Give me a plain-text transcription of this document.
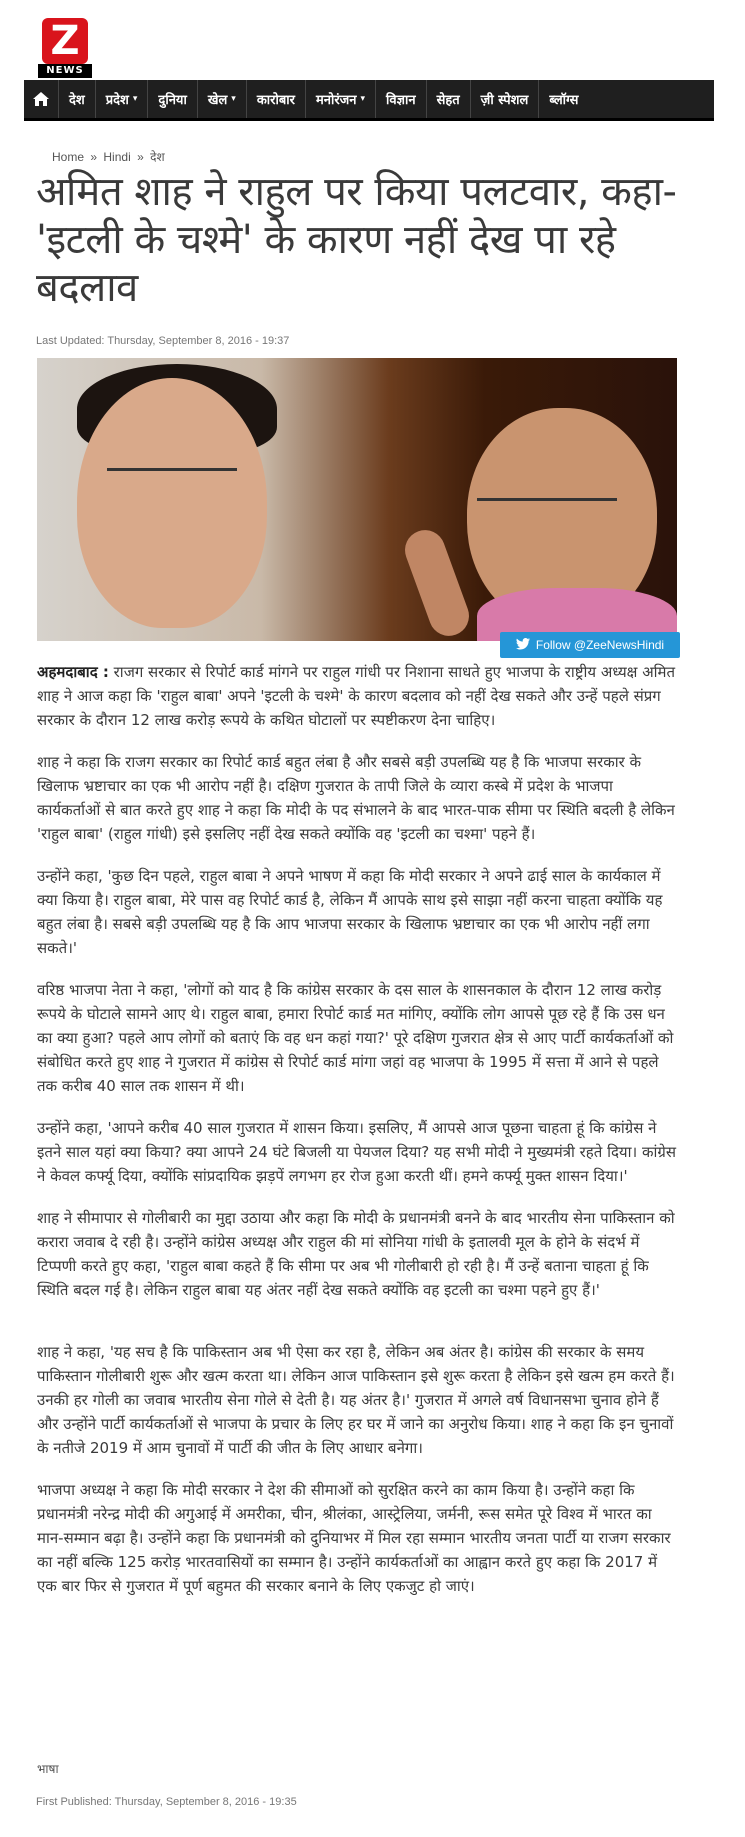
Z
NEWS
देश प्रदेश ▾ दुनिया खेल ▾ कारोबार मनोरंजन ▾ विज्ञान सेहत ज़ी स्पेशल ब्लॉग्स
Home » Hindi » देश
अमित शाह ने राहुल पर किया पलटवार, कहा- 'इटली के चश्मे' के कारण नहीं देख पा रहे बदलाव
Last Updated: Thursday, September 8, 2016 - 19:37
Follow @ZeeNewsHindi

अहमदाबाद : राजग सरकार से रिपोर्ट कार्ड मांगने पर राहुल गांधी पर निशाना साधते हुए भाजपा के राष्ट्रीय अध्यक्ष अमित शाह ने आज कहा कि 'राहुल बाबा' अपने 'इटली के चश्मे' के कारण बदलाव को नहीं देख सकते और उन्हें पहले संप्रग सरकार के दौरान 12 लाख करोड़ रूपये के कथित घोटालों पर स्पष्टीकरण देना चाहिए।

शाह ने कहा कि राजग सरकार का रिपोर्ट कार्ड बहुत लंबा है और सबसे बड़ी उपलब्धि यह है कि भाजपा सरकार के खिलाफ भ्रष्टाचार का एक भी आरोप नहीं है। दक्षिण गुजरात के तापी जिले के व्यारा कस्बे में प्रदेश के भाजपा कार्यकर्ताओं से बात करते हुए शाह ने कहा कि मोदी के पद संभालने के बाद भारत-पाक सीमा पर स्थिति बदली है लेकिन 'राहुल बाबा' (राहुल गांधी) इसे इसलिए नहीं देख सकते क्योंकि वह 'इटली का चश्मा' पहने हैं।

उन्होंने कहा, 'कुछ दिन पहले, राहुल बाबा ने अपने भाषण में कहा कि मोदी सरकार ने अपने ढाई साल के कार्यकाल में क्या किया है। राहुल बाबा, मेरे पास वह रिपोर्ट कार्ड है, लेकिन मैं आपके साथ इसे साझा नहीं करना चाहता क्योंकि यह बहुत लंबा है। सबसे बड़ी उपलब्धि यह है कि आप भाजपा सरकार के खिलाफ भ्रष्टाचार का एक भी आरोप नहीं लगा सकते।'

वरिष्ठ भाजपा नेता ने कहा, 'लोगों को याद है कि कांग्रेस सरकार के दस साल के शासनकाल के दौरान 12 लाख करोड़ रूपये के घोटाले सामने आए थे। राहुल बाबा, हमारा रिपोर्ट कार्ड मत मांगिए, क्योंकि लोग आपसे पूछ रहे हैं कि उस धन का क्या हुआ? पहले आप लोगों को बताएं कि वह धन कहां गया?' पूरे दक्षिण गुजरात क्षेत्र से आए पार्टी कार्यकर्ताओं को संबोधित करते हुए शाह ने गुजरात में कांग्रेस से रिपोर्ट कार्ड मांगा जहां वह भाजपा के 1995 में सत्ता में आने से पहले तक करीब 40 साल तक शासन में थी।

उन्होंने कहा, 'आपने करीब 40 साल गुजरात में शासन किया। इसलिए, मैं आपसे आज पूछना चाहता हूं कि कांग्रेस ने इतने साल यहां क्या किया? क्या आपने 24 घंटे बिजली या पेयजल दिया? यह सभी मोदी ने मुख्यमंत्री रहते दिया। कांग्रेस ने केवल कर्फ्यू दिया, क्योंकि सांप्रदायिक झड़पें लगभग हर रोज हुआ करती थीं। हमने कर्फ्यू मुक्त शासन दिया।'

शाह ने सीमापार से गोलीबारी का मुद्दा उठाया और कहा कि मोदी के प्रधानमंत्री बनने के बाद भारतीय सेना पाकिस्तान को करारा जवाब दे रही है। उन्होंने कांग्रेस अध्यक्ष और राहुल की मां सोनिया गांधी के इतालवी मूल के होने के संदर्भ में टिप्पणी करते हुए कहा, 'राहुल बाबा कहते हैं कि सीमा पर अब भी गोलीबारी हो रही है। मैं उन्हें बताना चाहता हूं कि स्थिति बदल गई है। लेकिन राहुल बाबा यह अंतर नहीं देख सकते क्योंकि वह इटली का चश्मा पहने हुए हैं।'

शाह ने कहा, 'यह सच है कि पाकिस्तान अब भी ऐसा कर रहा है, लेकिन अब अंतर है। कांग्रेस की सरकार के समय पाकिस्तान गोलीबारी शुरू और खत्म करता था। लेकिन आज पाकिस्तान इसे शुरू करता है लेकिन इसे खत्म हम करते हैं। उनकी हर गोली का जवाब भारतीय सेना गोले से देती है। यह अंतर है।' गुजरात में अगले वर्ष विधानसभा चुनाव होने हैं और उन्होंने पार्टी कार्यकर्ताओं से भाजपा के प्रचार के लिए हर घर में जाने का अनुरोध किया। शाह ने कहा कि इन चुनावों के नतीजे 2019 में आम चुनावों में पार्टी की जीत के लिए आधार बनेगा।

भाजपा अध्यक्ष ने कहा कि मोदी सरकार ने देश की सीमाओं को सुरक्षित करने का काम किया है। उन्होंने कहा कि प्रधानमंत्री नरेन्द्र मोदी की अगुआई में अमरीका, चीन, श्रीलंका, आस्ट्रेलिया, जर्मनी, रूस समेत पूरे विश्व में भारत का मान-सम्मान बढ़ा है। उन्होंने कहा कि प्रधानमंत्री को दुनियाभर में मिल रहा सम्मान भारतीय जनता पार्टी या राजग सरकार का नहीं बल्कि 125 करोड़ भारतवासियों का सम्मान है। उन्होंने कार्यकर्ताओं का आह्वान करते हुए कहा कि 2017 में एक बार फिर से गुजरात में पूर्ण बहुमत की सरकार बनाने के लिए एकजुट हो जाएं।

भाषा
First Published: Thursday, September 8, 2016 - 19:35
